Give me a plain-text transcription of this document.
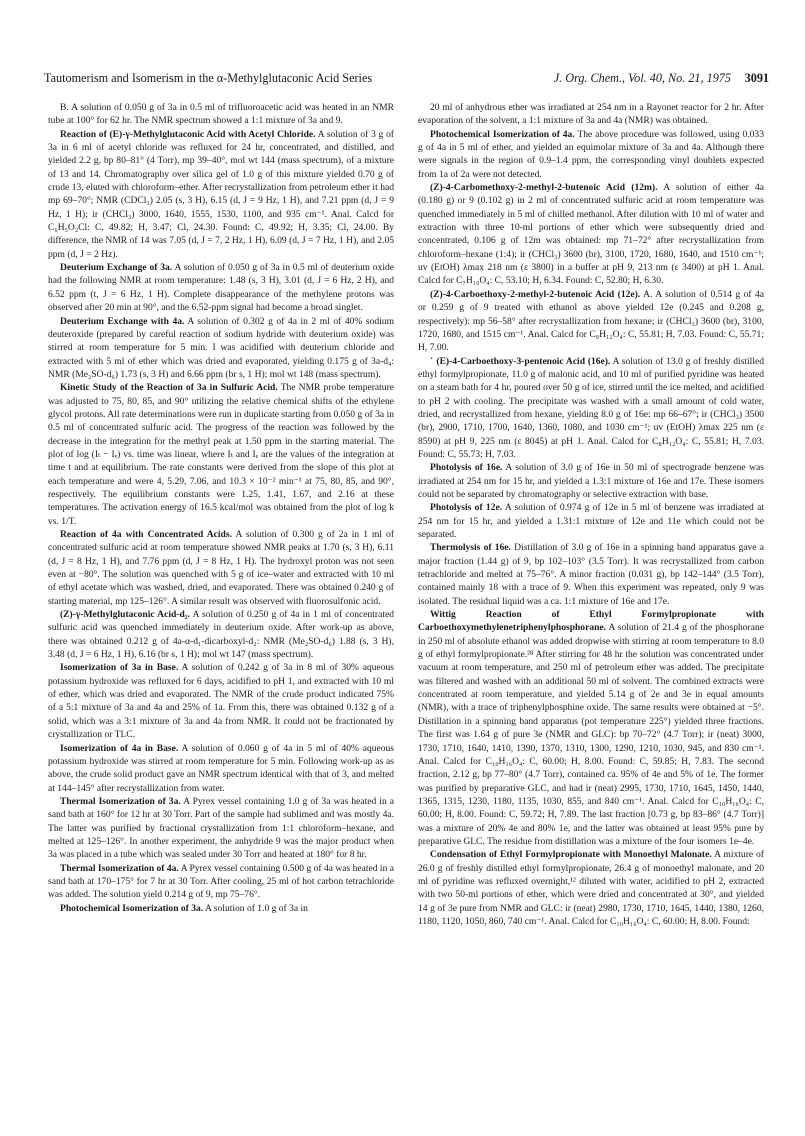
Tautomerism and Isomerism in the α-Methylglutaconic Acid Series	J. Org. Chem., Vol. 40, No. 21, 1975 3091

B. A solution of 0.050 g of 3a in 0.5 ml of trifluoroacetic acid was heated in an NMR tube at 100° for 62 hr. The NMR spectrum showed a 1:1 mixture of 3a and 9.

Reaction of (E)-γ-Methylglutaconic Acid with Acetyl Chloride. A solution of 3 g of 3a in 6 ml of acetyl chloride was refluxed for 24 hr, concentrated, and distilled, and yielded 2.2 g, bp 80–81° (4 Torr), mp 39–40°, mol wt 144 (mass spectrum), of a mixture of 13 and 14. Chromatography over silica gel of 1.0 g of this mixture yielded 0.70 g of crude 13, eluted with chloroform–ether. After recrystallization from petroleum ether it had mp 69–70°; NMR (CDCl₃) 2.05 (s, 3 H), 6.15 (d, J = 9 Hz, 1 H), and 7.21 ppm (d, J = 9 Hz, 1 H); ir (CHCl₃) 3000, 1640, 1555, 1530, 1100, and 935 cm⁻¹. Anal. Calcd for C₆H₅O₂Cl: C, 49.82; H, 3.47; Cl, 24.30. Found: C, 49.92; H, 3.35; Cl, 24.00. By difference, the NMR of 14 was 7.05 (d, J = 7, 2 Hz, 1 H), 6.09 (d, J = 7 Hz, 1 H), and 2.05 ppm (d, J = 2 Hz).

Deuterium Exchange of 3a. A solution of 0.050 g of 3a in 0.5 ml of deuterium oxide had the following NMR at room temperature: 1.48 (s, 3 H), 3.01 (d, J = 6 Hz, 2 H), and 6.52 ppm (t, J = 6 Hz, 1 H). Complete disappearance of the methylene protons was observed after 20 min at 90°, and the 6.52-ppm signal had become a broad singlet.

Deuterium Exchange with 4a. A solution of 0.302 g of 4a in 2 ml of 40% sodium deuteroxide (prepared by careful reaction of sodium hydride with deuterium oxide) was stirred at room temperature for 5 min. I was acidified with deuterium chloride and extracted with 5 ml of ether which was dried and evaporated, yielding 0.175 g of 3a-d₄: NMR (Me₂SO-d₆) 1.73 (s, 3 H) and 6.66 ppm (br s, 1 H); mol wt 148 (mass spectrum).

Kinetic Study of the Reaction of 3a in Sulfuric Acid. The NMR probe temperature was adjusted to 75, 80, 85, and 90° utilizing the relative chemical shifts of the ethylene glycol protons. All rate determinations were run in duplicate starting from 0.050 g of 3a in 0.5 ml of concentrated sulfuric acid. The progress of the reaction was followed by the decrease in the integration for the methyl peak at 1.50 ppm in the starting material. The plot of log (Iₜ − Iₑ) vs. time was linear, where Iₜ and Iₑ are the values of the integration at time t and at equilibrium. The rate constants were derived from the slope of this plot at each temperature and were 4, 5.29, 7.06, and 10.3 × 10⁻² min⁻¹ at 75, 80, 85, and 90°, respectively. The equilibrium constants were 1.25, 1.41, 1.67, and 2.16 at these temperatures. The activation energy of 16.5 kcal/mol was obtained from the plot of log k vs. 1/T.

Reaction of 4a with Concentrated Acids. A solution of 0.300 g of 2a in 1 ml of concentrated sulfuric acid at room temperature showed NMR peaks at 1.70 (s, 3 H), 6.11 (d, J = 8 Hz, 1 H), and 7.76 ppm (d, J = 8 Hz, 1 H). The hydroxyl proton was not seen even at −80°. The solution was quenched with 5 g of ice–water and extracted with 10 ml of ethyl acetate which was washed, dried, and evaporated. There was obtained 0.240 g of starting material, mp 125–126°. A similar result was observed with fluorosulfonic acid.

(Z)-γ-Methylglutaconic Acid-d₂. A solution of 0.250 g of 4a in 1 ml of concentrated sulfuric acid was quenched immediately in deuterium oxide. After work-up as above, there was obtained 0.212 g of 4a-α-d₁-dicarboxyl-d₂: NMR (Me₂SO-d₆) 1.88 (s, 3 H), 3.48 (d, J = 6 Hz, 1 H), 6.16 (br s, 1 H); mol wt 147 (mass spectrum).

Isomerization of 3a in Base. A solution of 0.242 g of 3a in 8 ml of 30% aqueous potassium hydroxide was refluxed for 6 days, acidified to pH 1, and extracted with 10 ml of ether, which was dried and evaporated. The NMR of the crude product indicated 75% of a 5:1 mixture of 3a and 4a and 25% of 1a. From this, there was obtained 0.132 g of a solid, which was a 3:1 mixture of 3a and 4a from NMR. It could not be fractionated by crystallization or TLC.

Isomerization of 4a in Base. A solution of 0.060 g of 4a in 5 ml of 40% aqueous potassium hydroxide was stirred at room temperature for 5 min. Following work-up as as above, the crude solid product gave an NMR spectrum identical with that of 3, and melted at 144–145° after recrystallization from water.

Thermal Isomerization of 3a. A Pyrex vessel containing 1.0 g of 3a was heated in a sand bath at 160° for 12 hr at 30 Torr. Part of the sample had sublimed and was mostly 4a. The latter was purified by fractional crystallization from 1:1 chloroform–hexane, and melted at 125–126°. In another experiment, the anhydride 9 was the major product when 3a was placed in a tube which was sealed under 30 Torr and heated at 180° for 8 hr.

Thermal Isomerization of 4a. A Pyrex vessel containing 0.500 g of 4a was heated in a sand bath at 170–175° for 7 hr at 30 Torr. After cooling, 25 ml of hot carbon tetrachloride was added. The solution yield 0.214 g of 9, mp 75–76°.

Photochemical Isomerization of 3a. A solution of 1.0 g of 3a in

20 ml of anhydrous ether was irradiated at 254 nm in a Rayonet reactor for 2 hr. After evaporation of the solvent, a 1:1 mixture of 3a and 4a (NMR) was obtained.

Photochemical Isomerization of 4a. The above procedure was followed, using 0.033 g of 4a in 5 ml of ether, and yielded an equimolar mixture of 3a and 4a. Although there were signals in the region of 0.9–1.4 ppm, the corresponding vinyl doublets expected from 1a of 2a were not detected.

(Z)-4-Carbomethoxy-2-methyl-2-butenoic Acid (12m). A solution of either 4a (0.180 g) or 9 (0.102 g) in 2 ml of concentrated sulfuric acid at room temperature was quenched immediately in 5 ml of chilled methanol. After dilution with 10 ml of water and extraction with three 10-ml portions of ether which were subsequently dried and concentrated, 0.106 g of 12m was obtained: mp 71–72° after recrystallization from chloroform–hexane (1:4); ir (CHCl₃) 3600 (br), 3100, 1720, 1680, 1640, and 1510 cm⁻¹; uv (EtOH) λmax 218 nm (ε 3800) in a buffer at pH 9, 213 nm (ε 3400) at pH 1. Anal. Calcd for C₇H₁₀O₄: C, 53.10; H, 6.34. Found: C, 52.80; H, 6.30.

(Z)-4-Carboethoxy-2-methyl-2-butenoic Acid (12e). A. A solution of 0.514 g of 4a or 0.259 g of 9 treated with ethanol as above yielded 12e (0.245 and 0.208 g, respectively): mp 56–58° after recrystallization from hexane; ir (CHCl₃) 3600 (br), 3100, 1720, 1680, and 1515 cm⁻¹. Anal. Calcd for C₈H₁₂O₄: C, 55.81; H, 7.03. Found: C, 55.71; H, 7.00.

˙ (E)-4-Carboethoxy-3-pentenoic Acid (16e). A solution of 13.0 g of freshly distilled ethyl formylpropionate, 11.0 g of malonic acid, and 10 ml of purified pyridine was heated on a steam bath for 4 hr, poured over 50 g of ice, stirred until the ice melted, and acidified to pH 2 with cooling. The precipitate was washed with a small amount of cold water, dried, and recrystallized from hexane, yielding 8.0 g of 16e: mp 66–67°; ir (CHCl₃) 3500 (br), 2900, 1710, 1700, 1640, 1360, 1080, and 1030 cm⁻¹; uv (EtOH) λmax 225 nm (ε 8590) at pH 9, 225 nm (ε 8045) at pH 1. Anal. Calcd for C₈H₁₂O₄: C, 55.81; H, 7.03. Found: C, 55.73; H, 7.03.

Photolysis of 16e. A solution of 3.0 g of 16e in 50 ml of spectrograde benzene was irradiated at 254 nm for 15 hr, and yielded a 1.3:1 mixture of 16e and 17e. These isomers could not be separated by chromatography or selective extraction with base.

Photolysis of 12e. A solution of 0.974 g of 12e in 5 ml of benzene was irradiated at 254 nm for 15 hr, and yielded a 1.31:1 mixture of 12e and 11e which could not be separated.

Thermolysis of 16e. Distillation of 3.0 g of 16e in a spinning band apparatus gave a major fraction (1.44 g) of 9, bp 102–103° (3.5 Torr). It was recrystallized from carbon tetrachloride and melted at 75–76°. A minor fraction (0.031 g), bp 142–144° (3.5 Torr), contained mainly 18 with a trace of 9. When this experiment was repeated, only 9 was isolated. The residual liquid was a ca. 1:1 mixture of 16e and 17e.

Wittig Reaction of Ethyl Formylpropionate with Carboethoxymethylenetriphenylphosphorane. A solution of 21.4 g of the phosphorane in 250 ml of absolute ethanol was added dropwise with stirring at room temperature to 8.0 g of ethyl formylpropionate.²⁸ After stirring for 48 hr the solution was concentrated under vacuum at room temperature, and 250 ml of petroleum ether was added. The precipitate was filtered and washed with an additional 50 ml of solvent. The combined extracts were concentrated at room temperature, and yielded 5.14 g of 2e and 3e in equal amounts (NMR), with a trace of triphenylphosphine oxide. The same results were obtained at −5°. Distillation in a spinning band apparatus (pot temperature 225°) yielded three fractions. The first was 1.64 g of pure 3e (NMR and GLC): bp 70–72° (4.7 Torr); ir (neat) 3000, 1730, 1710, 1640, 1410, 1390, 1370, 1310, 1300, 1290, 1210, 1030, 945, and 830 cm⁻¹. Anal. Calcd for C₁₀H₁₆O₄: C, 60.00; H, 8.00. Found: C, 59.85; H, 7.83. The second fraction, 2.12 g, bp 77–80° (4.7 Torr), contained ca. 95% of 4e and 5% of 1e. The former was purified by preparative GLC, and had ir (neat) 2995, 1730, 1710, 1645, 1450, 1440, 1365, 1315, 1230, 1180, 1135, 1030, 855, and 840 cm⁻¹. Anal. Calcd for C₁₀H₁₆O₄: C, 60.00; H, 8.00. Found: C, 59.72; H, 7.89. The last fraction [0.73 g, bp 83–86° (4.7 Torr)] was a mixture of 20% 4e and 80% 1e, and the latter was obtained at least 95% pure by preparative GLC. The residue from distillation was a mixture of the four isomers 1e–4e.

Condensation of Ethyl Formylpropionate with Monoethyl Malonate. A mixture of 26.0 g of freshly distilled ethyl formylpropionate, 26.4 g of monoethyl malonate, and 20 ml of pyridine was refluxed overnight,¹² diluted with water, acidified to pH 2, extracted with two 50-ml portions of ether, which were dried and concentrated at 30°, and yielded 14 g of 3e pure from NMR and GLC: ir (neat) 2980, 1730, 1710, 1645, 1440, 1380, 1260, 1180, 1120, 1050, 860, 740 cm⁻¹. Anal. Calcd for C₁₀H₁₆O₄: C, 60.00; H, 8.00. Found:
